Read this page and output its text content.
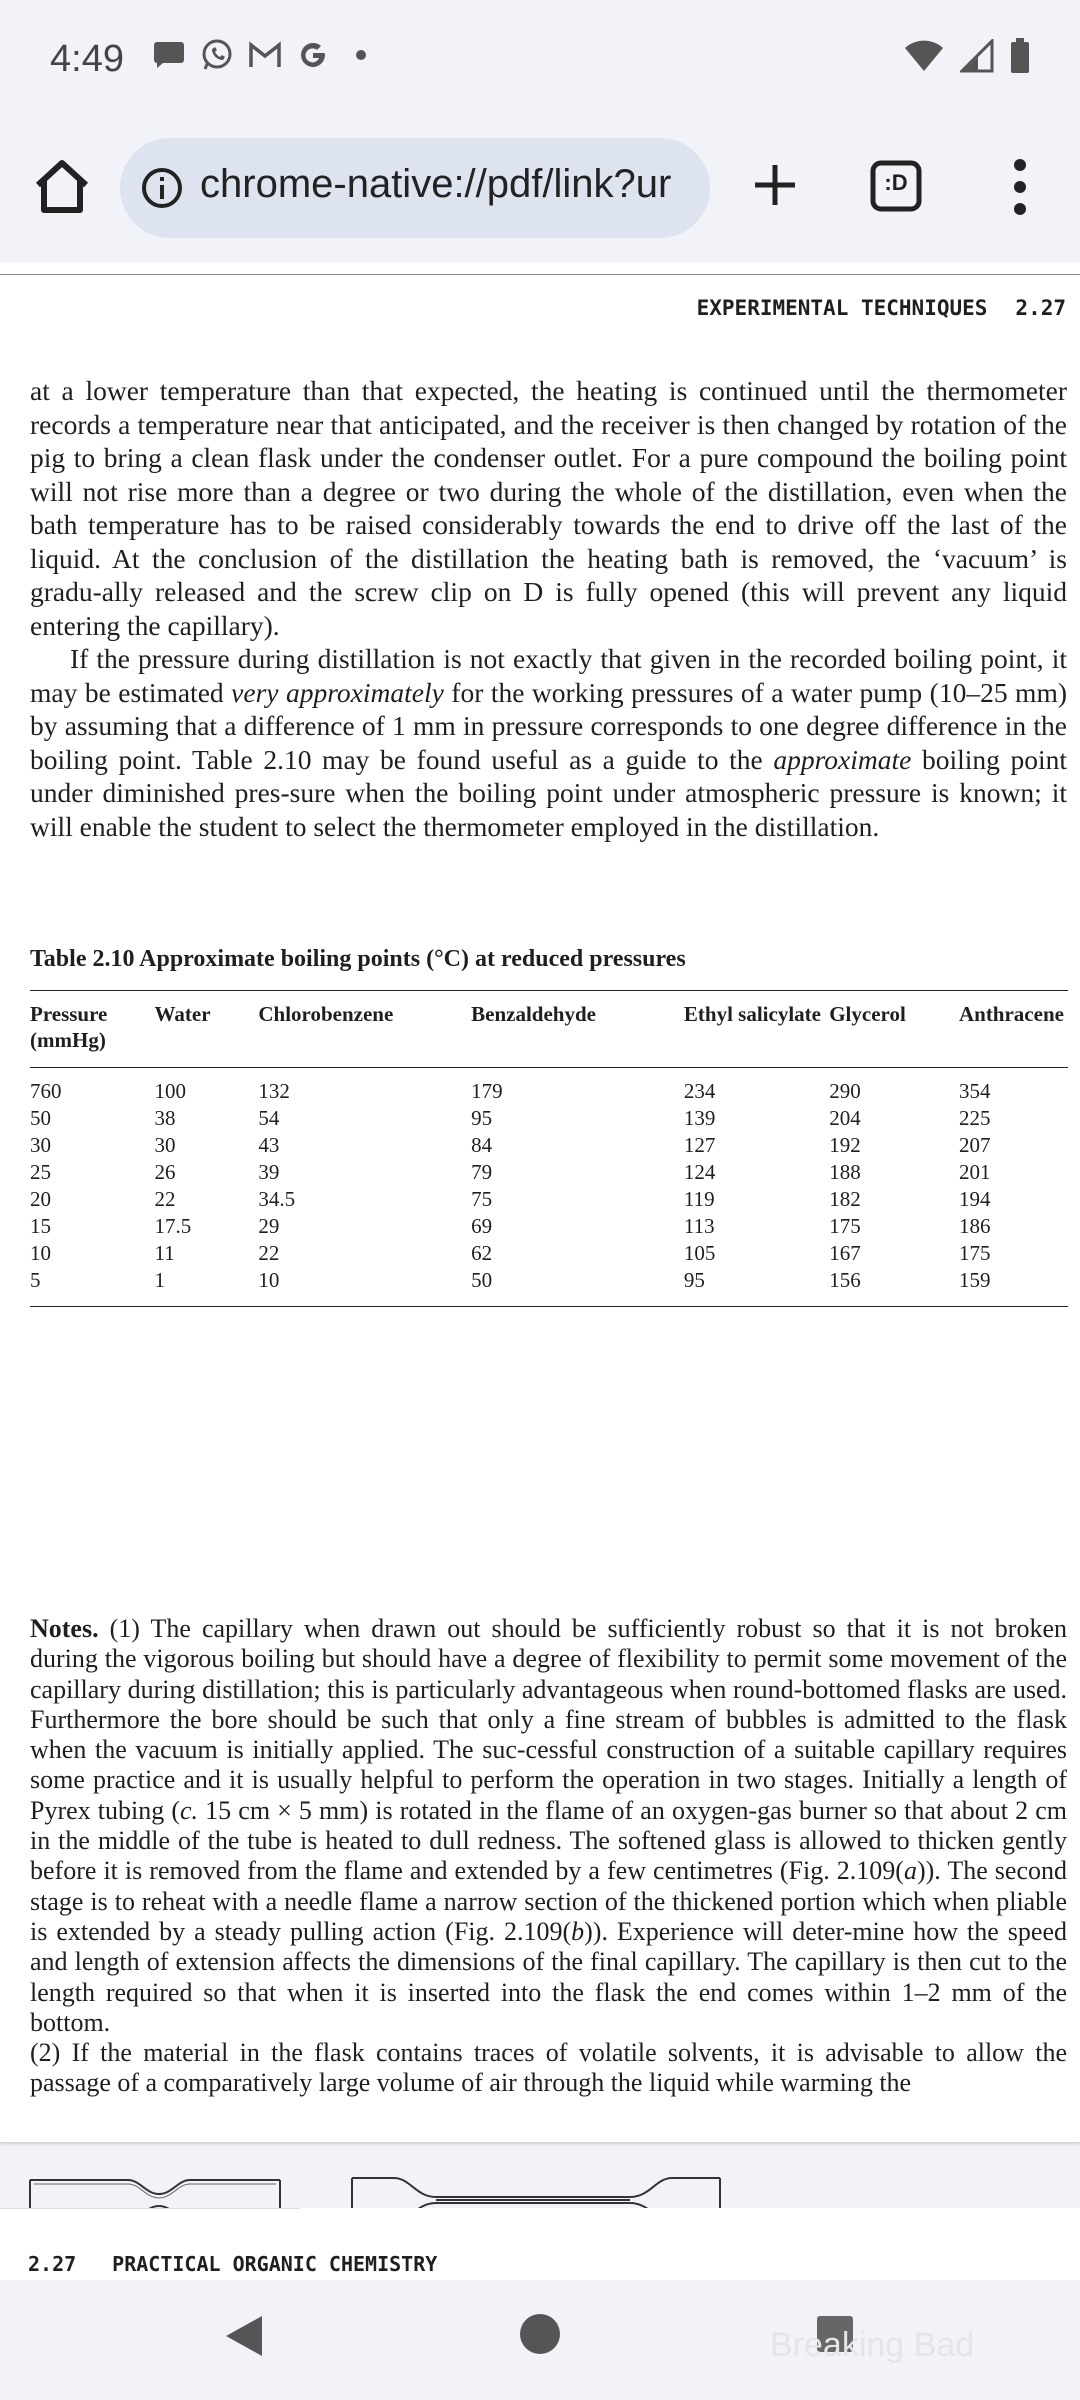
4:49
chrome-native://pdf/link?ur	:D
EXPERIMENTAL TECHNIQUES 2.27

at a lower temperature than that expected, the heating is continued until the thermometer records a temperature near that anticipated, and the receiver is then changed by rotation of the pig to bring a clean flask under the condenser outlet. For a pure compound the boiling point will not rise more than a degree or two during the whole of the distillation, even when the bath temperature has to be raised considerably towards the end to drive off the last of the liquid. At the conclusion of the distillation the heating bath is removed, the ‘vacuum’ is gradu-ally released and the screw clip on D is fully opened (this will prevent any liquid entering the capillary).

If the pressure during distillation is not exactly that given in the recorded boiling point, it may be estimated very approximately for the working pressures of a water pump (10–25 mm) by assuming that a difference of 1 mm in pressure corresponds to one degree difference in the boiling point. Table 2.10 may be found useful as a guide to the approximate boiling point under diminished pres-sure when the boiling point under atmospheric pressure is known; it will enable the student to select the thermometer employed in the distillation.

Table 2.10 Approximate boiling points (°C) at reduced pressures
Pressure (mmHg)	Water	Chlorobenzene	Benzaldehyde	Ethyl salicylate	Glycerol	Anthracene
760	100	132	179	234	290	354
50	38	54	95	139	204	225
30	30	43	84	127	192	207
25	26	39	79	124	188	201
20	22	34.5	75	119	182	194
15	17.5	29	69	113	175	186
10	11	22	62	105	167	175
5	1	10	50	95	156	159

Notes. (1) The capillary when drawn out should be sufficiently robust so that it is not broken during the vigorous boiling but should have a degree of flexibility to permit some movement of the capillary during distillation; this is particularly advantageous when round-bottomed flasks are used. Furthermore the bore should be such that only a fine stream of bubbles is admitted to the flask when the vacuum is initially applied. The suc-cessful construction of a suitable capillary requires some practice and it is usually helpful to perform the operation in two stages. Initially a length of Pyrex tubing (c. 15 cm × 5 mm) is rotated in the flame of an oxygen-gas burner so that about 2 cm in the middle of the tube is heated to dull redness. The softened glass is allowed to thicken gently before it is removed from the flame and extended by a few centimetres (Fig. 2.109(a)). The second stage is to reheat with a needle flame a narrow section of the thickened portion which when pliable is extended by a steady pulling action (Fig. 2.109(b)). Experience will deter-mine how the speed and length of extension affects the dimensions of the final capillary. The capillary is then cut to the length required so that when it is inserted into the flask the end comes within 1–2 mm of the bottom.

(2) If the material in the flask contains traces of volatile solvents, it is advisable to allow the passage of a comparatively large volume of air through the liquid while warming the

2.27 PRACTICAL ORGANIC CHEMISTRY
Breaking Bad
